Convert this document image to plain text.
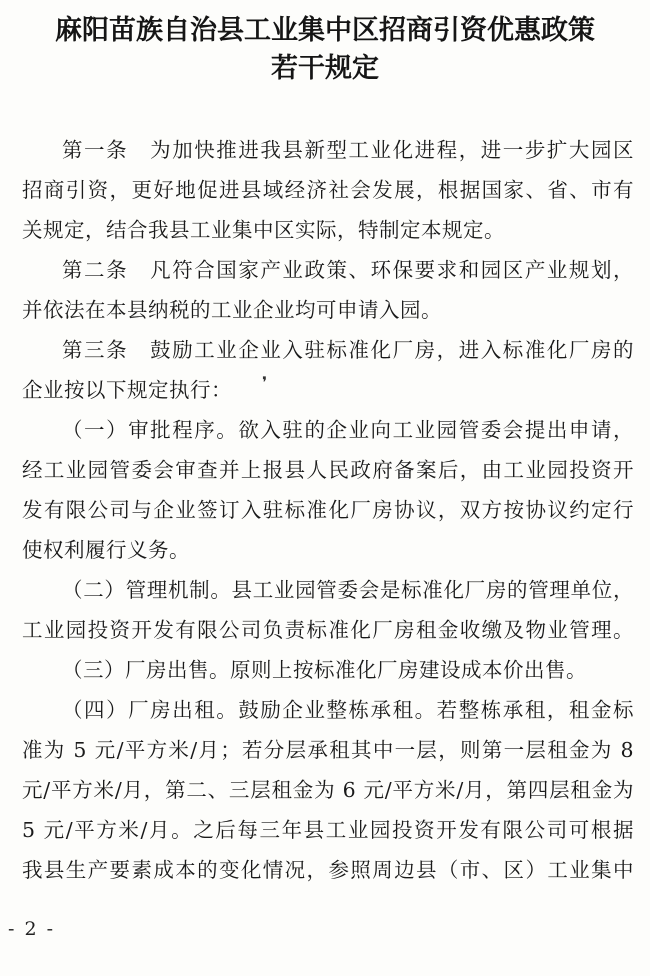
麻阳苗族自治县工业集中区招商引资优惠政策
若干规定
第一条　为加快推进我县新型工业化进程，进一步扩大园区
招商引资，更好地促进县域经济社会发展，根据国家、省、市有
关规定，结合我县工业集中区实际，特制定本规定。
第二条　凡符合国家产业政策、环保要求和园区产业规划，
并依法在本县纳税的工业企业均可申请入园。
第三条　鼓励工业企业入驻标准化厂房，进入标准化厂房的
企业按以下规定执行：	❜
（一）审批程序。欲入驻的企业向工业园管委会提出申请，
经工业园管委会审查并上报县人民政府备案后，由工业园投资开
发有限公司与企业签订入驻标准化厂房协议，双方按协议约定行
使权利履行义务。
（二）管理机制。县工业园管委会是标准化厂房的管理单位，
工业园投资开发有限公司负责标准化厂房租金收缴及物业管理。
（三）厂房出售。原则上按标准化厂房建设成本价出售。
（四）厂房出租。鼓励企业整栋承租。若整栋承租，租金标
准为 5 元/平方米/月；若分层承租其中一层，则第一层租金为 8
元/平方米/月，第二、三层租金为 6 元/平方米/月，第四层租金为
5 元/平方米/月。之后每三年县工业园投资开发有限公司可根据
我县生产要素成本的变化情况，参照周边县（市、区）工业集中
- 2 -
